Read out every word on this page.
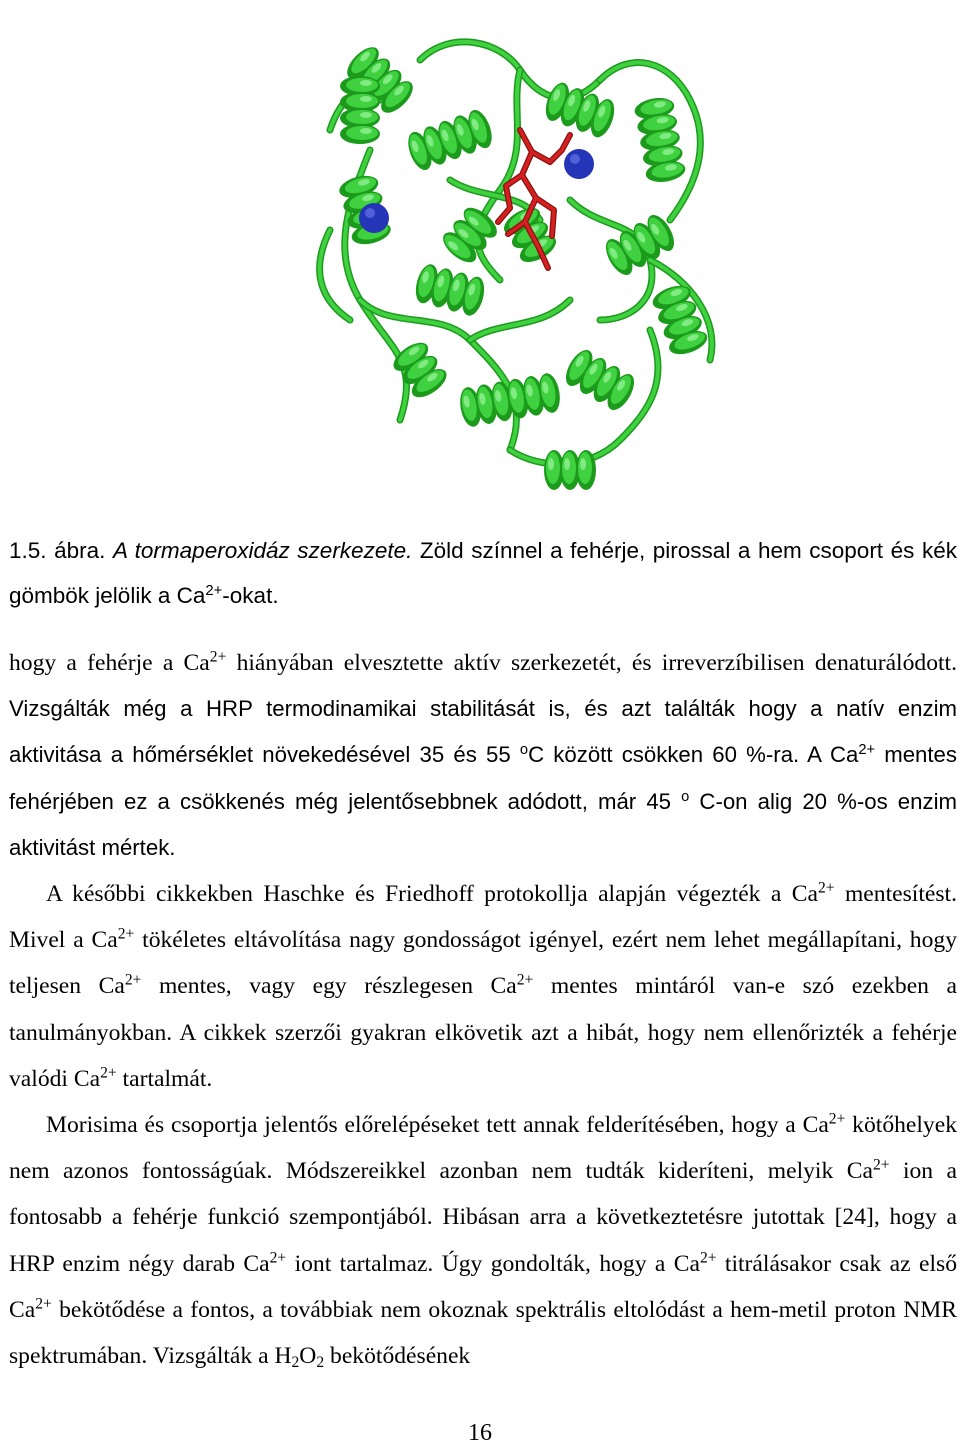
1.5. ábra. A tormaperoxidáz szerkezete. Zöld színnel a fehérje, pirossal a hem csoport és kék gömbök jelölik a $Ca^{2+}$-okat.

hogy a fehérje a $Ca^{2+}$ hiányában elvesztette aktív szerkezetét, és irreverzíbilisen denaturálódott. Vizsgálták még a HRP termodinamikai stabilitását is, és azt találták hogy a natív enzim aktivitása a hőmérséklet növekedésével 35 és 55 $^o$C között csökken 60 %-ra. A $Ca^{2+}$ mentes fehérjében ez a csökkenés még jelentősebbnek adódott, már 45 $^o$ C-on alig 20 %-os enzim aktivitást mértek.

A későbbi cikkekben Haschke és Friedhoff protokollja alapján végezték a $Ca^{2+}$ mentesítést. Mivel a $Ca^{2+}$ tökéletes eltávolítása nagy gondosságot igényel, ezért nem lehet megállapítani, hogy teljesen $Ca^{2+}$ mentes, vagy egy részlegesen $Ca^{2+}$ mentes mintáról van-e szó ezekben a tanulmányokban. A cikkek szerzői gyakran elkövetik azt a hibát, hogy nem ellenőrizték a fehérje valódi $Ca^{2+}$ tartalmát.

Morisima és csoportja jelentős előrelépéseket tett annak felderítésében, hogy a $Ca^{2+}$ kötőhelyek nem azonos fontosságúak. Módszereikkel azonban nem tudták kideríteni, melyik $Ca^{2+}$ ion a fontosabb a fehérje funkció szempontjából. Hibásan arra a következtetésre jutottak [24], hogy a HRP enzim négy darab $Ca^{2+}$ iont tartalmaz. Úgy gondolták, hogy a $Ca^{2+}$ titrálásakor csak az első $Ca^{2+}$ bekötődése a fontos, a továbbiak nem okoznak spektrális eltolódást a hem-metil proton NMR spektrumában. Vizsgálták a $H_2O_2$ bekötődésének

16
